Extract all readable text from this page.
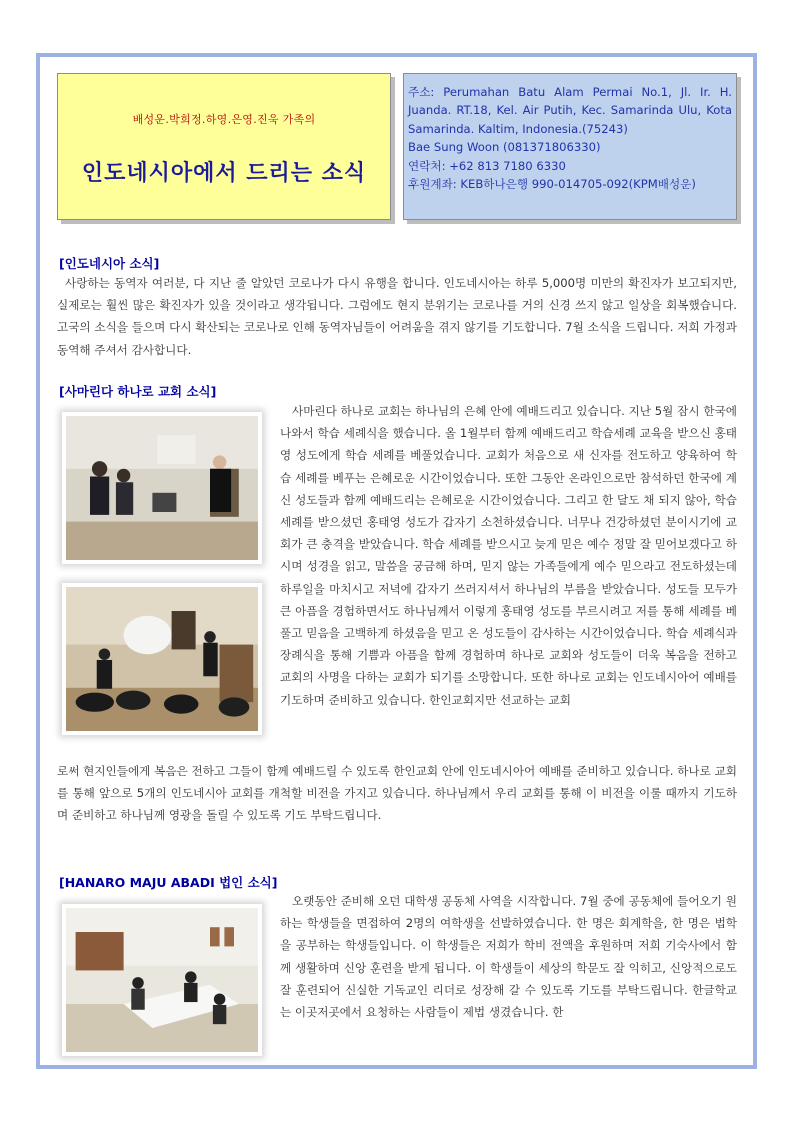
배성운.박희정.하영.은영.진욱 가족의
인도네시아에서 드리는 소식
주소: Perumahan Batu Alam Permai No.1, Jl. Ir. H. Juanda. RT.18, Kel. Air Putih, Kec. Samarinda Ulu, Kota Samarinda. Kaltim, Indonesia.(75243)
Bae Sung Woon (081371806330)
연락처: +62 813 7180 6330
후원계좌: KEB하나은행 990-014705-092(KPM배성운)
[인도네시아 소식]
사랑하는 동역자 여러분, 다 지난 줄 알았던 코로나가 다시 유행을 합니다. 인도네시아는 하루 5,000명 미만의 확진자가 보고되지만, 실제로는 훨씬 많은 확진자가 있을 것이라고 생각됩니다. 그럼에도 현지 분위기는 코로나를 거의 신경 쓰지 않고 일상을 회복했습니다. 고국의 소식을 들으며 다시 확산되는 코로나로 인해 동역자님들이 어려움을 겪지 않기를 기도합니다. 7월 소식을 드립니다. 저희 가정과 동역해 주셔서 감사합니다.
[사마린다 하나로 교회 소식]
사마린다 하나로 교회는 하나님의 은혜 안에 예배드리고 있습니다. 지난 5월 잠시 한국에 나와서 학습 세례식을 했습니다. 올 1월부터 함께 예배드리고 학습세례 교육을 받으신 홍태영 성도에게 학습 세례를 베풀었습니다. 교회가 처음으로 새 신자를 전도하고 양육하여 학습 세례를 베푸는 은혜로운 시간이었습니다. 또한 그동안 온라인으로만 참석하던 한국에 계신 성도들과 함께 예배드리는 은혜로운 시간이었습니다. 그리고 한 달도 채 되지 않아, 학습 세례를 받으셨던 홍태영 성도가 갑자기 소천하셨습니다. 너무나 건강하셨던 분이시기에 교회가 큰 충격을 받았습니다. 학습 세례를 받으시고 늦게 믿은 예수 정말 잘 믿어보겠다고 하시며 성경을 읽고, 말씀을 궁금해 하며, 믿지 않는 가족들에게 예수 믿으라고 전도하셨는데 하루일을 마치시고 저녁에 갑자기 쓰러지셔서 하나님의 부름을 받았습니다. 성도들 모두가 큰 아픔을 경험하면서도 하나님께서 이렇게 홍태영 성도를 부르시려고 저를 통해 세례를 베풀고 믿음을 고백하게 하셨음을 믿고 온 성도들이 감사하는 시간이었습니다. 학습 세례식과 장례식을 통해 기쁨과 아픔을 함께 경험하며 하나로 교회와 성도들이 더욱 복음을 전하고 교회의 사명을 다하는 교회가 되기를 소망합니다. 또한 하나로 교회는 인도네시아어 예배를 기도하며 준비하고 있습니다. 한인교회지만 선교하는 교회
로써 현지인들에게 복음은 전하고 그들이 함께 예배드릴 수 있도록 한인교회 안에 인도네시아어 예배를 준비하고 있습니다. 하나로 교회를 통해 앞으로 5개의 인도네시아 교회를 개척할 비전을 가지고 있습니다. 하나님께서 우리 교회를 통해 이 비전을 이룰 때까지 기도하며 준비하고 하나님께 영광을 돌릴 수 있도록 기도 부탁드립니다.
[HANARO MAJU ABADI 법인 소식]
오랫동안 준비해 오던 대학생 공동체 사역을 시작합니다. 7월 중에 공동체에 들어오기 원하는 학생들을 면접하여 2명의 여학생을 선발하였습니다. 한 명은 회계학을, 한 명은 법학을 공부하는 학생들입니다. 이 학생들은 저희가 학비 전액을 후원하며 저희 기숙사에서 함께 생활하며 신앙 훈련을 받게 됩니다. 이 학생들이 세상의 학문도 잘 익히고, 신앙적으로도 잘 훈련되어 신실한 기독교인 리더로 성장해 갈 수 있도록 기도를 부탁드립니다. 한글학교는 이곳저곳에서 요청하는 사람들이 제법 생겼습니다. 한
